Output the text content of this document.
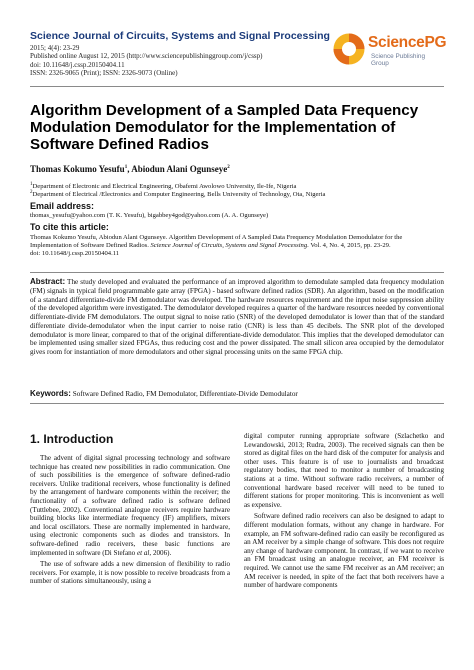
Science Journal of Circuits, Systems and Signal Processing

2015; 4(4): 23-29

Published online August 12, 2015 (http://www.sciencepublishinggroup.com/j/cssp)

doi: 10.11648/j.cssp.20150404.11

ISSN: 2326-9065 (Print); ISSN: 2326-9073 (Online)

SciencePG
Science Publishing Group
Algorithm Development of a Sampled Data Frequency Modulation Demodulator for the Implementation of Software Defined Radios

Thomas Kokumo Yesufu$^1$, Abiodun Alani Ogunseye$^2$

$^1$Department of Electronic and Electrical Engineering, Obafemi Awolowo University, Ile-Ife, Nigeria

$^2$Department of Electrical /Electronics and Computer Engineering, Bells University of Technology, Ota, Nigeria

Email address:

thomas_yesufu@yahoo.com (T. K. Yesufu), bigabbey4god@yahoo.com (A. A. Ogunseye)

To cite this article:

Thomas Kokumo Yesufu, Abiodun Alani Ogunseye. Algorithm Development of A Sampled Data Frequency Modulation Demodulator for the Implementation of Software Defined Radios. Science Journal of Circuits, Systems and Signal Processing. Vol. 4, No. 4, 2015, pp. 23-29.
doi: 10.11648/j.cssp.20150404.11

Abstract: The study developed and evaluated the performance of an improved algorithm to demodulate sampled data frequency modulation (FM) signals in typical field programmable gate array (FPGA) - based software defined radios (SDR). An algorithm, based on the modification of a standard differentiate-divide FM demodulator was developed. The hardware resources requirement and the input noise suppression ability of the developed algorithm were investigated. The demodulator developed requires a quarter of the hardware resources needed by conventional differentiate-divide FM demodulators. The output signal to noise ratio (SNR) of the developed demodulator is lower than that of the standard differentiate divide-demodulator when the input carrier to noise ratio (CNR) is less than 45 decibels. The SNR plot of the developed demodulator is more linear, compared to that of the original differentiate-divide demodulator. This implies that the developed demodulator can be implemented using smaller sized FPGAs, thus reducing cost and the power dissipated. The small silicon area occupied by the demodulator gives room for instantiation of more demodulators and other signal processing units on the same FPGA chip.

Keywords: Software Defined Radio, FM Demodulator, Differentiate-Divide Demodulator

1. Introduction

The advent of digital signal processing technology and software technique has created new possibilities in radio communication. One of such possibilities is the emergence of software defined-radio receivers. Unlike traditional receivers, whose functionality is defined by the arrangement of hardware components within the receiver; the functionality of a software defined radio is software defined (Tuttlebee, 2002). Conventional analogue receivers require hardware building blocks like intermediate frequency (IF) amplifiers, mixers and local oscillators. These are normally implemented in hardware, using electronic components such as diodes and transistors. In software-defined radio receivers, these basic functions are implemented in software (Di Stefano et al, 2006).

The use of software adds a new dimension of flexibility to radio receivers. For example, it is now possible to receive broadcasts from a number of stations simultaneously, using a

digital computer running appropriate software (Szlachetko and Lewandowski, 2013; Rudra, 2003). The received signals can then be stored as digital files on the hard disk of the computer for analysis and other uses. This feature is of use to journalists and broadcast regulatory bodies, that need to monitor a number of broadcasting stations at a time. Without software radio receivers, a number of conventional hardware based receiver will need to be tuned to different stations for proper monitoring. This is inconvenient as well as expensive.

Software defined radio receivers can also be designed to adapt to different modulation formats, without any change in hardware. For example, an FM software-defined radio can easily be reconfigured as an AM receiver by a simple change of software. This does not require any change of hardware component. In contrast, if we want to receive an FM broadcast using an analogue receiver, an FM receiver is required. We cannot use the same FM receiver as an AM receiver; an AM receiver is needed, in spite of the fact that both receivers have a number of hardware components
